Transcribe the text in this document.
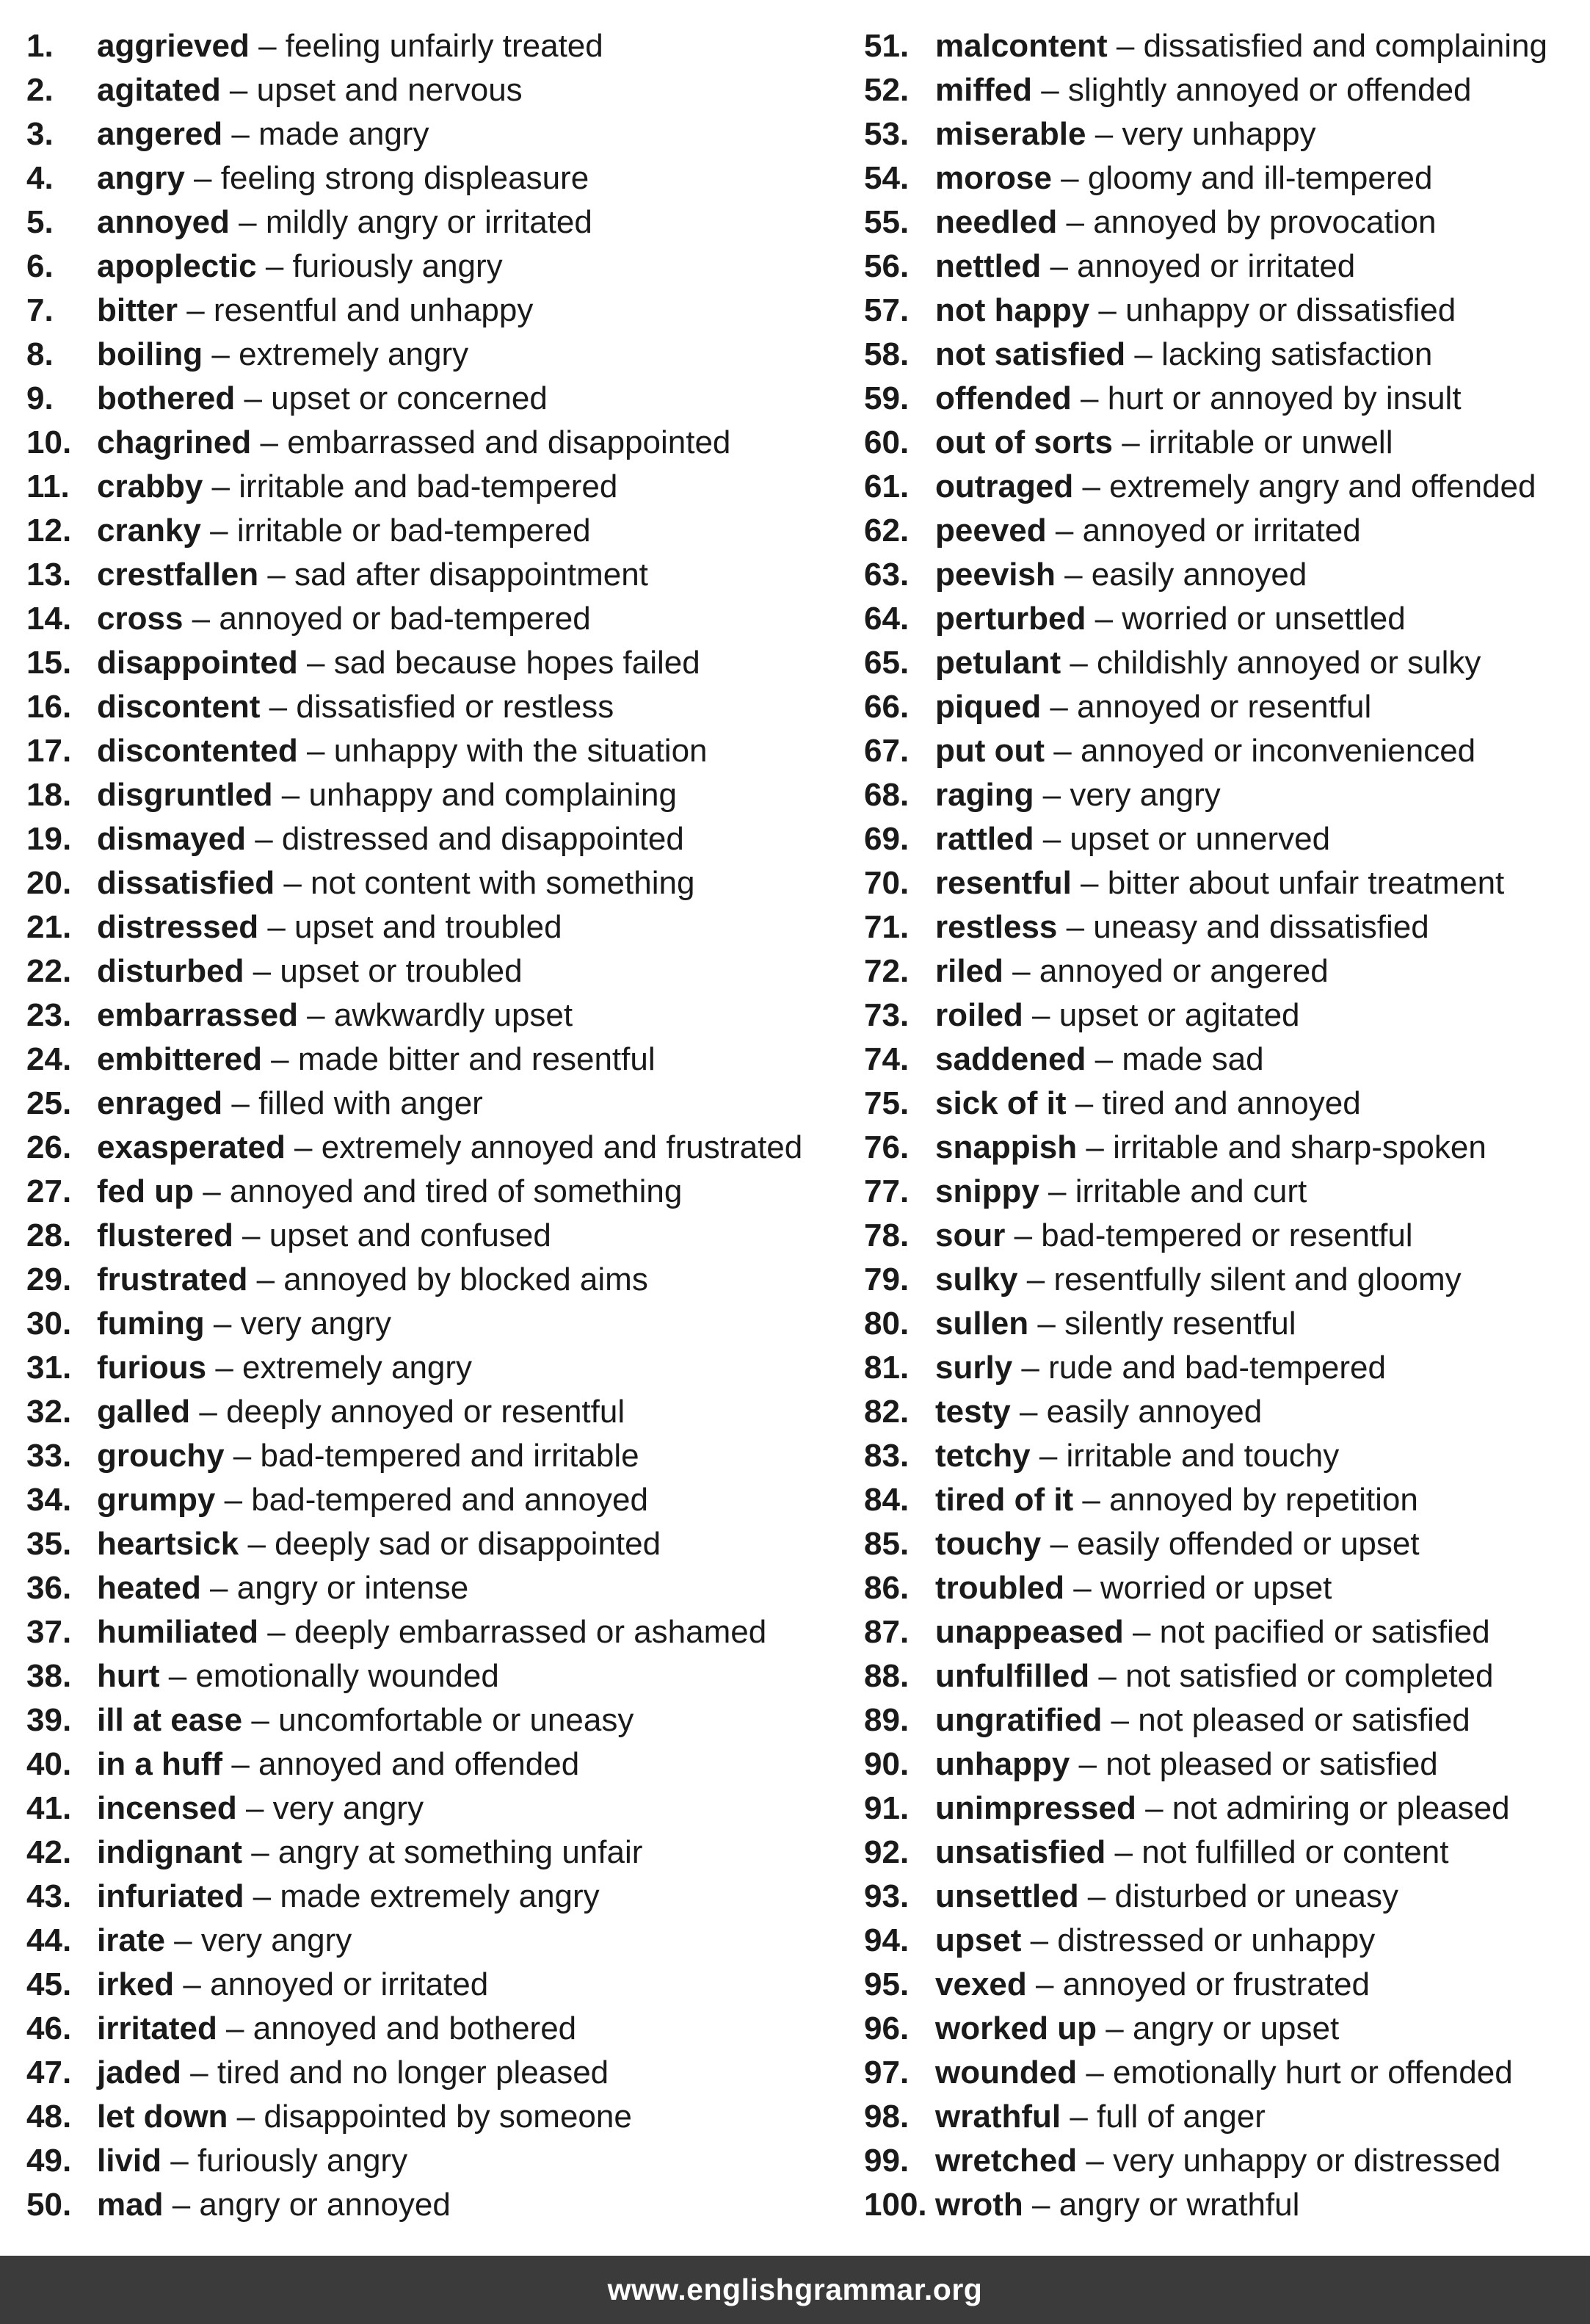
1.	aggrieved – feeling unfairly treated
2.	agitated – upset and nervous
3.	angered – made angry
4.	angry – feeling strong displeasure
5.	annoyed – mildly angry or irritated
6.	apoplectic – furiously angry
7.	bitter – resentful and unhappy
8.	boiling – extremely angry
9.	bothered – upset or concerned
10. chagrined – embarrassed and disappointed
11. crabby – irritable and bad-tempered
12. cranky – irritable or bad-tempered
13. crestfallen – sad after disappointment
14. cross – annoyed or bad-tempered
15. disappointed – sad because hopes failed
16. discontent – dissatisfied or restless
17. discontented – unhappy with the situation
18. disgruntled – unhappy and complaining
19. dismayed – distressed and disappointed
20. dissatisfied – not content with something
21. distressed – upset and troubled
22. disturbed – upset or troubled
23. embarrassed – awkwardly upset
24. embittered – made bitter and resentful
25. enraged – filled with anger
26. exasperated – extremely annoyed and frustrated
27. fed up – annoyed and tired of something
28. flustered – upset and confused
29. frustrated – annoyed by blocked aims
30. fuming – very angry
31. furious – extremely angry
32. galled – deeply annoyed or resentful
33. grouchy – bad-tempered and irritable
34. grumpy – bad-tempered and annoyed
35. heartsick – deeply sad or disappointed
36. heated – angry or intense
37. humiliated – deeply embarrassed or ashamed
38. hurt – emotionally wounded
39. ill at ease – uncomfortable or uneasy
40. in a huff – annoyed and offended
41. incensed – very angry
42. indignant – angry at something unfair
43. infuriated – made extremely angry
44. irate – very angry
45. irked – annoyed or irritated
46. irritated – annoyed and bothered
47. jaded – tired and no longer pleased
48. let down – disappointed by someone
49. livid – furiously angry
50. mad – angry or annoyed
51. malcontent – dissatisfied and complaining
52. miffed – slightly annoyed or offended
53. miserable – very unhappy
54. morose – gloomy and ill-tempered
55. needled – annoyed by provocation
56. nettled – annoyed or irritated
57. not happy – unhappy or dissatisfied
58. not satisfied – lacking satisfaction
59. offended – hurt or annoyed by insult
60. out of sorts – irritable or unwell
61. outraged – extremely angry and offended
62. peeved – annoyed or irritated
63. peevish – easily annoyed
64. perturbed – worried or unsettled
65. petulant – childishly annoyed or sulky
66. piqued – annoyed or resentful
67. put out – annoyed or inconvenienced
68. raging – very angry
69. rattled – upset or unnerved
70. resentful – bitter about unfair treatment
71. restless – uneasy and dissatisfied
72. riled – annoyed or angered
73. roiled – upset or agitated
74. saddened – made sad
75. sick of it – tired and annoyed
76. snappish – irritable and sharp-spoken
77. snippy – irritable and curt
78. sour – bad-tempered or resentful
79. sulky – resentfully silent and gloomy
80. sullen – silently resentful
81. surly – rude and bad-tempered
82. testy – easily annoyed
83. tetchy – irritable and touchy
84. tired of it – annoyed by repetition
85. touchy – easily offended or upset
86. troubled – worried or upset
87. unappeased – not pacified or satisfied
88. unfulfilled – not satisfied or completed
89. ungratified – not pleased or satisfied
90. unhappy – not pleased or satisfied
91. unimpressed – not admiring or pleased
92. unsatisfied – not fulfilled or content
93. unsettled – disturbed or uneasy
94. upset – distressed or unhappy
95. vexed – annoyed or frustrated
96. worked up – angry or upset
97. wounded – emotionally hurt or offended
98. wrathful – full of anger
99. wretched – very unhappy or distressed
100. wroth – angry or wrathful
www.englishgrammar.org
